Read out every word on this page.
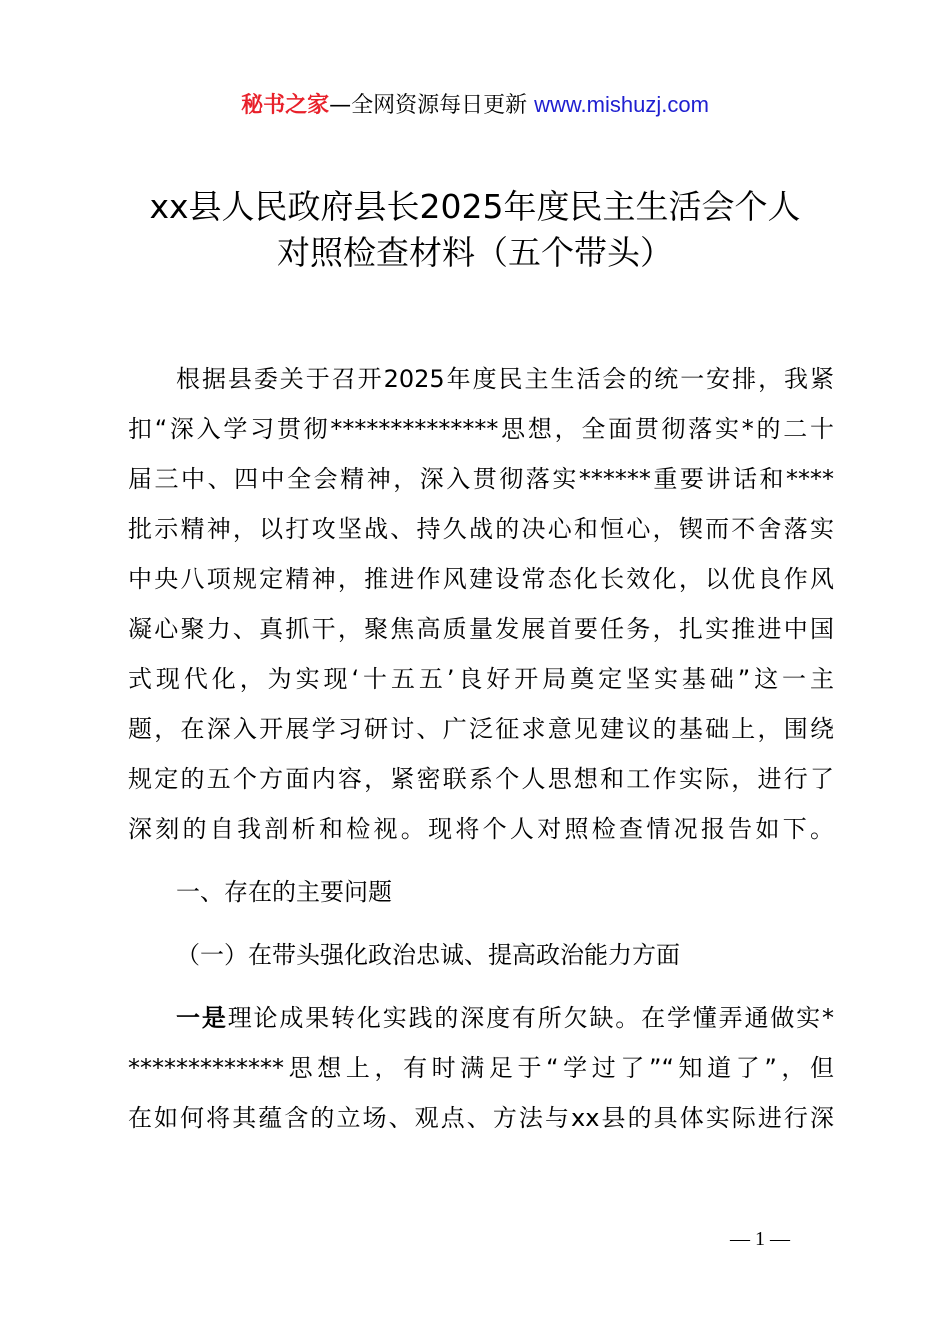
秘书之家—全网资源每日更新 www.mishuzj.com
xx县人民政府县长2025年度民主生活会个人
对照检查材料（五个带头）
根据县委关于召开2025年度民主生活会的统一安排，我紧
扣“深入学习贯彻**************思想，全面贯彻落实*的二十
届三中、四中全会精神，深入贯彻落实******重要讲话和****
批示精神，以打攻坚战、持久战的决心和恒心，锲而不舍落实
中央八项规定精神，推进作风建设常态化长效化，以优良作风
凝心聚力、真抓干，聚焦高质量发展首要任务，扎实推进中国
式现代化，为实现‘十五五’良好开局奠定坚实基础”这一主
题，在深入开展学习研讨、广泛征求意见建议的基础上，围绕
规定的五个方面内容，紧密联系个人思想和工作实际，进行了
深刻的自我剖析和检视。现将个人对照检查情况报告如下。

一、存在的主要问题

（一）在带头强化政治忠诚、提高政治能力方面

一是理论成果转化实践的深度有所欠缺。在学懂弄通做实*
*************思想上，有时满足于“学过了”“知道了”，但
在如何将其蕴含的立场、观点、方法与xx县的具体实际进行深
— 1 —
